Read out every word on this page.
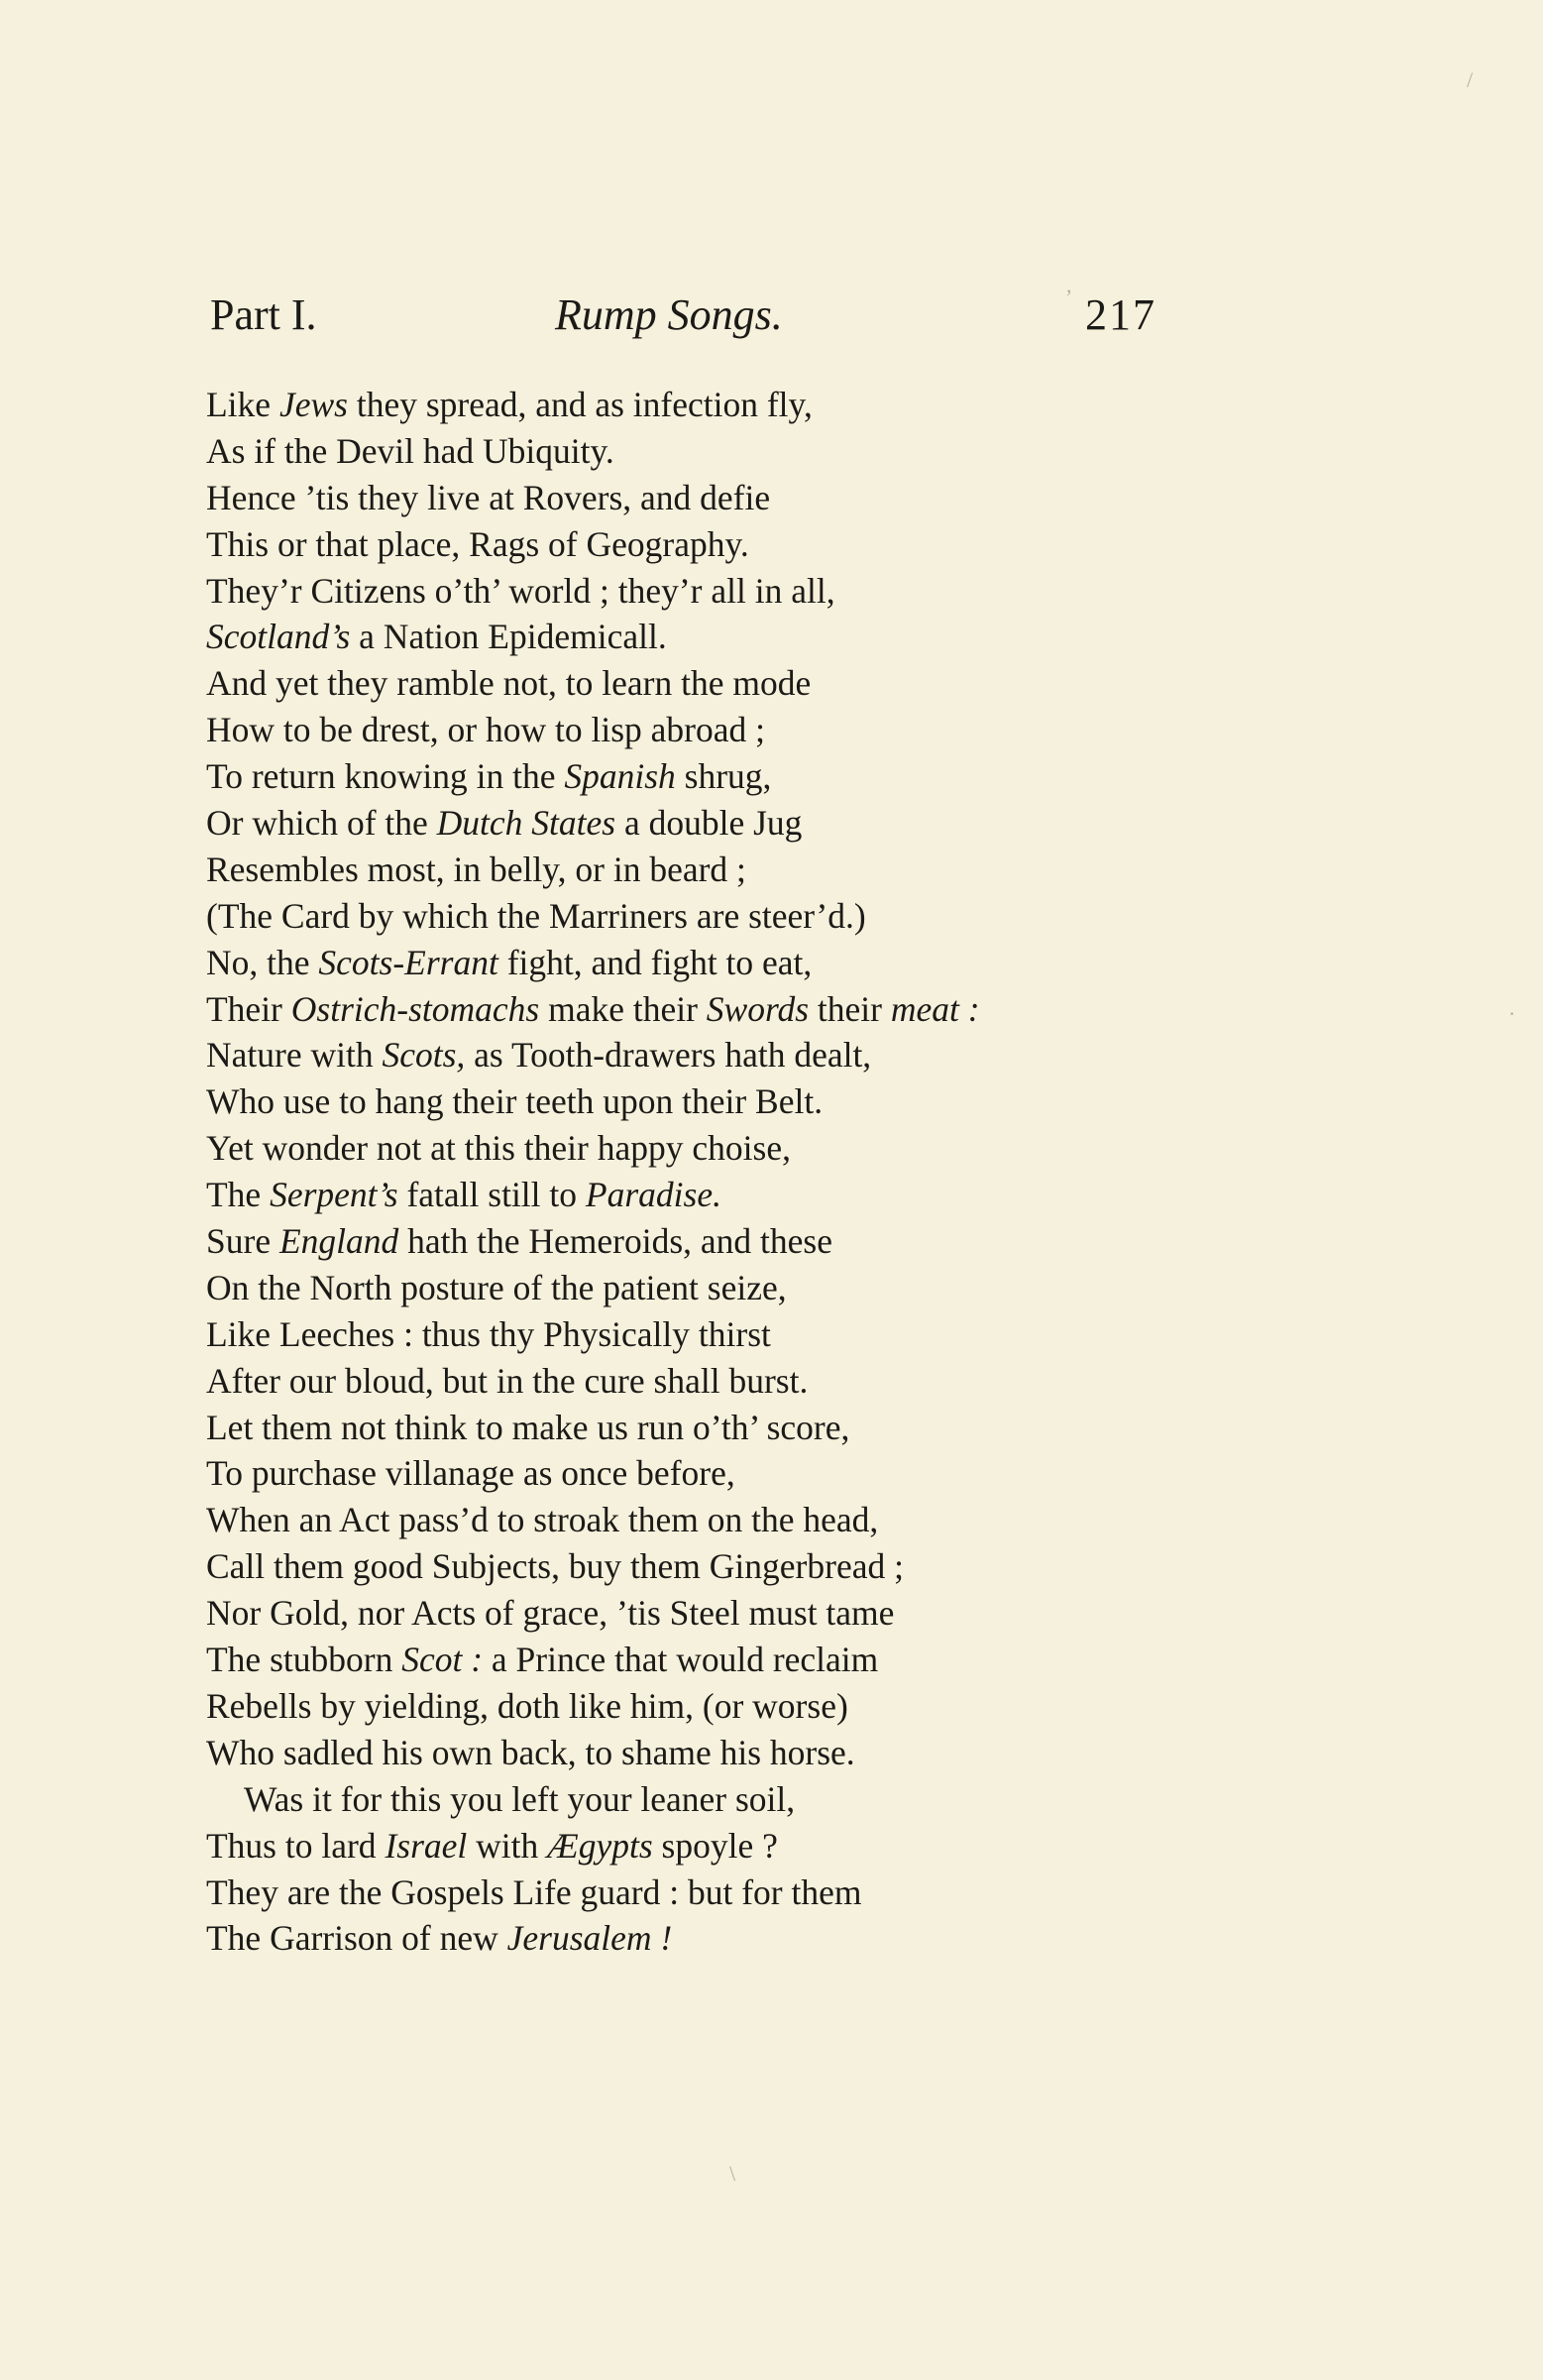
Part I.	Rump Songs.	217
Like Jews they spread, and as infection fly,
As if the Devil had Ubiquity.
Hence ’tis they live at Rovers, and defie
This or that place, Rags of Geography.
They’r Citizens o’th’ world ; they’r all in all,
Scotland’s a Nation Epidemicall.
And yet they ramble not, to learn the mode
How to be drest, or how to lisp abroad ;
To return knowing in the Spanish shrug,
Or which of the Dutch States a double Jug
Resembles most, in belly, or in beard ;
(The Card by which the Marriners are steer’d.)
No, the Scots-Errant fight, and fight to eat,
Their Ostrich-stomachs make their Swords their meat :
Nature with Scots, as Tooth-drawers hath dealt,
Who use to hang their teeth upon their Belt.
Yet wonder not at this their happy choise,
The Serpent’s fatall still to Paradise.
Sure England hath the Hemeroids, and these
On the North posture of the patient seize,
Like Leeches : thus thy Physically thirst
After our bloud, but in the cure shall burst.
Let them not think to make us run o’th’ score,
To purchase villanage as once before,
When an Act pass’d to stroak them on the head,
Call them good Subjects, buy them Gingerbread ;
Nor Gold, nor Acts of grace, ’tis Steel must tame
The stubborn Scot : a Prince that would reclaim
Rebells by yielding, doth like him, (or worse)
Who sadled his own back, to shame his horse.
Was it for this you left your leaner soil,
Thus to lard Israel with Ægypts spoyle ?
They are the Gospels Life guard : but for them
The Garrison of new Jerusalem !
/
,
·
\
